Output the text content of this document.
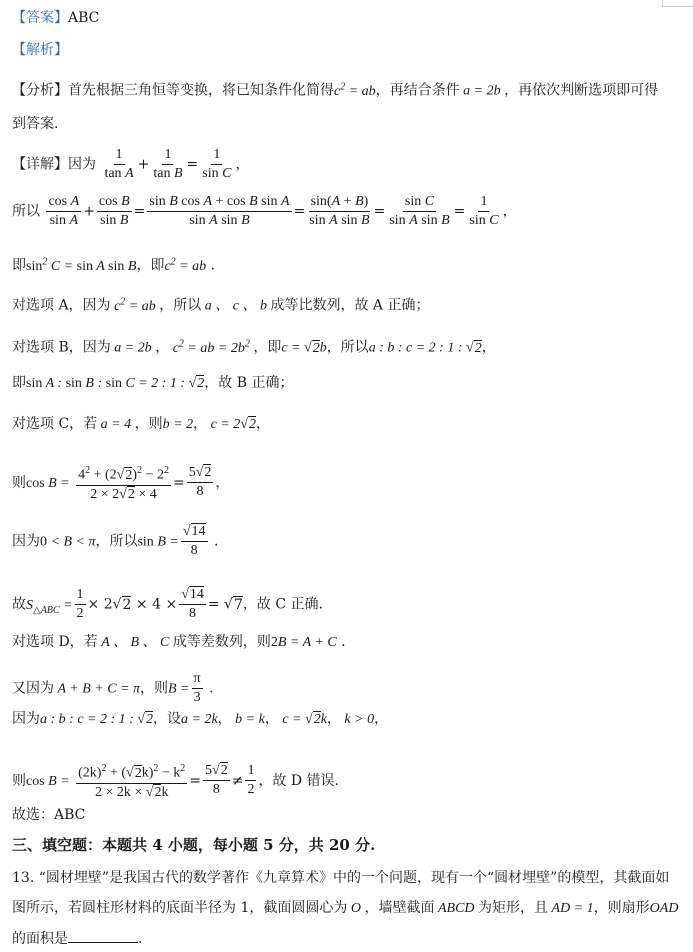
【答案】ABC
【解析】
【分析】首先根据三角恒等变换，将已知条件化简得$c^2$ = ab，再结合条件 a = 2b ，再依次判断选项即可得
到答案.
【详解】因为 $\frac{1}{\text{tan A}} + \frac{1}{\text{tan B}} = \frac{1}{\text{sin C}}$ ，
所以 $\frac{\text{cos A}}{\text{sin A}} + \frac{\text{cos B}}{\text{sin B}} = \frac{\text{sin B cos A + cos B sin A}}{\text{sin A sin B}} = \frac{\sin(A + B)}{\text{sin A sin B}} = \frac{\text{sin C}}{\text{sin A sin B}} = \frac{1}{\text{sin C}}$ ，
即$\sin^2 C = \sin A$ sin B，即$c^2$ = ab .
对选项 A，因为 $c^2$ = ab ，所以 a 、 c 、 b 成等比数列，故 A 正确；
对选项 B，因为 a = 2b ， $c^2$ = ab = $2b^2$ ，即c = √2b，所以a : b : c = 2 : 1 : √2，
即sin A : sin B : sin C = 2 : 1 : √2，故 B 正确；
对选项 C，若 a = 4 ，则b = 2， c = 2√2，
则$\cos B = \frac{4^2 + (2√2)^2 - 2^2}{2 \times 2√2 \times 4} = \frac{5√2}{8}$ ，
因为0 < B < π，所以$\sin B = \frac{√14}{8}$ .
故$S_{\triangle ABC} = \frac{1}{2} \times 2√2 \times 4 \times \frac{√14}{8} = √7$，故 C 正确.
对选项 D，若 A 、 B 、 C 成等差数列，则2B = A + C .
又因为 A + B + C = π，则$B = \frac{\pi}{3}$ .
因为a : b : c = 2 : 1 : √2，设a = 2k， b = k， c = √2k， k > 0，
则$\cos B = \frac{(2k)^2 + (√2k)^2 - k^2}{2 \times 2k \times √2k} = \frac{5√2}{8} \ne \frac{1}{2}$ ，故 D 错误.
故选：ABC
三、填空题：本题共 4 小题，每小题 5 分，共 20 分.
13. “圆材埋壁”是我国古代的数学著作《九章算术》中的一个问题，现有一个“圆材埋壁”的模型，其截面如
图所示，若圆柱形材料的底面半径为 1，截面圆圆心为 O ，墙壁截面 ABCD 为矩形，且 AD = 1，则扇形OAD
的面积是	.
